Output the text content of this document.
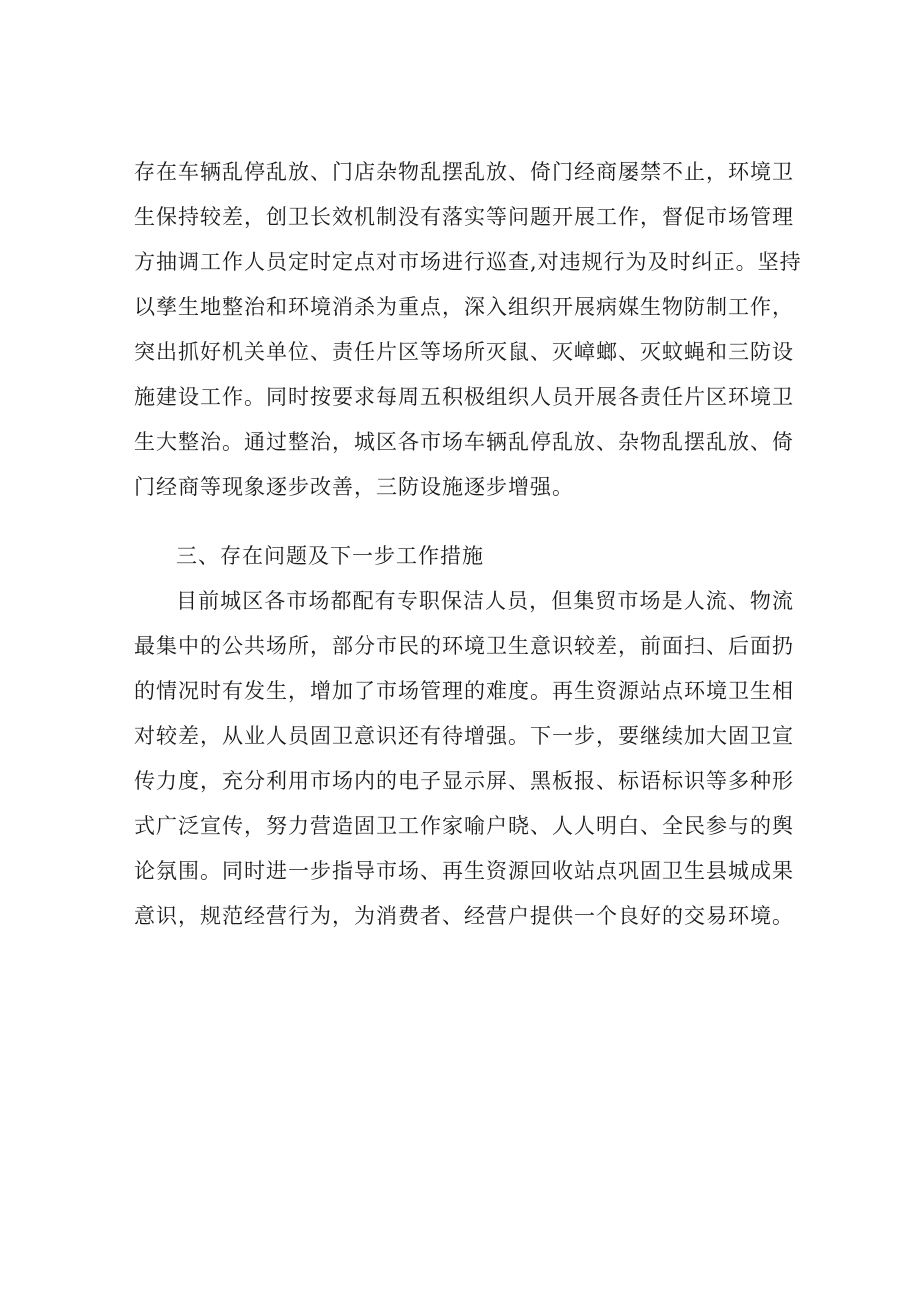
存在车辆乱停乱放、门店杂物乱摆乱放、倚门经商屡禁不止，环境卫
生保持较差，创卫长效机制没有落实等问题开展工作，督促市场管理
方抽调工作人员定时定点对市场进行巡查,对违规行为及时纠正。坚持
以孳生地整治和环境消杀为重点，深入组织开展病媒生物防制工作，
突出抓好机关单位、责任片区等场所灭鼠、灭嶂螂、灭蚊蝇和三防设
施建设工作。同时按要求每周五积极组织人员开展各责任片区环境卫
生大整治。通过整治，城区各市场车辆乱停乱放、杂物乱摆乱放、倚
门经商等现象逐步改善，三防设施逐步增强。
三、存在问题及下一步工作措施
目前城区各市场都配有专职保洁人员，但集贸市场是人流、物流
最集中的公共场所，部分市民的环境卫生意识较差，前面扫、后面扔
的情况时有发生，增加了市场管理的难度。再生资源站点环境卫生相
对较差，从业人员固卫意识还有待增强。下一步，要继续加大固卫宣
传力度，充分利用市场内的电子显示屏、黑板报、标语标识等多种形
式广泛宣传，努力营造固卫工作家喻户晓、人人明白、全民参与的舆
论氛围。同时进一步指导市场、再生资源回收站点巩固卫生县城成果
意识，规范经营行为，为消费者、经营户提供一个良好的交易环境。
